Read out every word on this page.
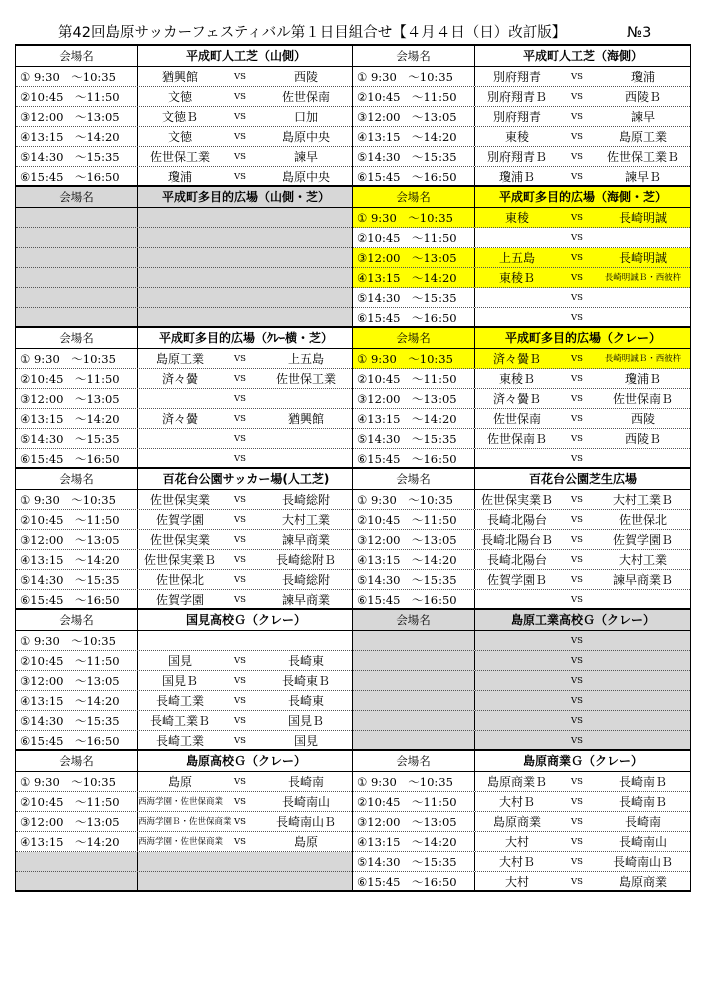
第42回島原サッカーフェスティバル第１日目組合せ【４月４日（日）改訂版】	№3
会場名	平成町人工芝（山側）
① 9:30　～10:35	猶興館	VS	西陵
②10:45　～11:50	文徳	VS	佐世保南
③12:00　～13:05	文徳Ｂ	VS	口加
④13:15　～14:20	文徳	VS	島原中央
⑤14:30　～15:35	佐世保工業	VS	諫早
⑥15:45　～16:50	瓊浦	VS	島原中央
会場名	平成町人工芝（海側）
① 9:30　～10:35	別府翔青	VS	瓊浦
②10:45　～11:50	別府翔青Ｂ	VS	西陵Ｂ
③12:00　～13:05	別府翔青	VS	諫早
④13:15　～14:20	東稜	VS	島原工業
⑤14:30　～15:35	別府翔青Ｂ	VS	佐世保工業Ｂ
⑥15:45　～16:50	瓊浦Ｂ	VS	諫早Ｂ
会場名	平成町多目的広場（山側・芝）	会場名	平成町多目的広場（海側・芝）
① 9:30　～10:35	東稜	VS	長崎明誠
②10:45　～11:50	VS
③12:00　～13:05	上五島	VS	長崎明誠
④13:15　～14:20	東稜Ｂ	VS	長崎明誠Ｂ・西彼杵
⑤14:30　～15:35	VS
⑥15:45　～16:50	VS
会場名	平成町多目的広場（ｸﾚｰ横・芝）
① 9:30　～10:35	島原工業	VS	上五島
②10:45　～11:50	済々黌	VS	佐世保工業
③12:00　～13:05	VS
④13:15　～14:20	済々黌	VS	猶興館
⑤14:30　～15:35	VS
⑥15:45　～16:50	VS
会場名	平成町多目的広場（クレー）
① 9:30　～10:35	済々黌Ｂ	VS	長崎明誠Ｂ・西彼杵
②10:45　～11:50	東稜Ｂ	VS	瓊浦Ｂ
③12:00　～13:05	済々黌Ｂ	VS	佐世保南Ｂ
④13:15　～14:20	佐世保南	VS	西陵
⑤14:30　～15:35	佐世保南Ｂ	VS	西陵Ｂ
⑥15:45　～16:50	VS
会場名	百花台公園サッカー場(人工芝)
① 9:30　～10:35	佐世保実業	VS	長崎総附
②10:45　～11:50	佐賀学園	VS	大村工業
③12:00　～13:05	佐世保実業	VS	諫早商業
④13:15　～14:20	佐世保実業Ｂ	VS	長崎総附Ｂ
⑤14:30　～15:35	佐世保北	VS	長崎総附
⑥15:45　～16:50	佐賀学園	VS	諫早商業
会場名	百花台公園芝生広場
① 9:30　～10:35	佐世保実業Ｂ	VS	大村工業Ｂ
②10:45　～11:50	長崎北陽台	VS	佐世保北
③12:00　～13:05	長崎北陽台Ｂ	VS	佐賀学園Ｂ
④13:15　～14:20	長崎北陽台	VS	大村工業
⑤14:30　～15:35	佐賀学園Ｂ	VS	諫早商業Ｂ
⑥15:45　～16:50	VS
会場名	国見高校Ｇ（クレー）
① 9:30　～10:35
②10:45　～11:50	国見	VS	長崎東
③12:00　～13:05	国見Ｂ	VS	長崎東Ｂ
④13:15　～14:20	長崎工業	VS	長崎東
⑤14:30　～15:35	長崎工業Ｂ	VS	国見Ｂ
⑥15:45　～16:50	長崎工業	VS	国見
会場名	島原工業高校Ｇ（クレー）
VS
VS
VS
VS
VS
VS
会場名	島原高校Ｇ（クレー）
① 9:30　～10:35	島原	VS	長崎南
②10:45　～11:50	西海学園・佐世保商業	VS	長崎南山
③12:00　～13:05	西海学園Ｂ・佐世保商業 VS	長崎南山Ｂ
④13:15　～14:20	西海学園・佐世保商業	VS	島原
会場名	島原商業Ｇ（クレー）
① 9:30　～10:35	島原商業Ｂ	VS	長崎南Ｂ
②10:45　～11:50	大村Ｂ	VS	長崎南Ｂ
③12:00　～13:05	島原商業	VS	長崎南
④13:15　～14:20	大村	VS	長崎南山
⑤14:30　～15:35	大村Ｂ	VS	長崎南山Ｂ
⑥15:45　～16:50	大村	VS	島原商業
